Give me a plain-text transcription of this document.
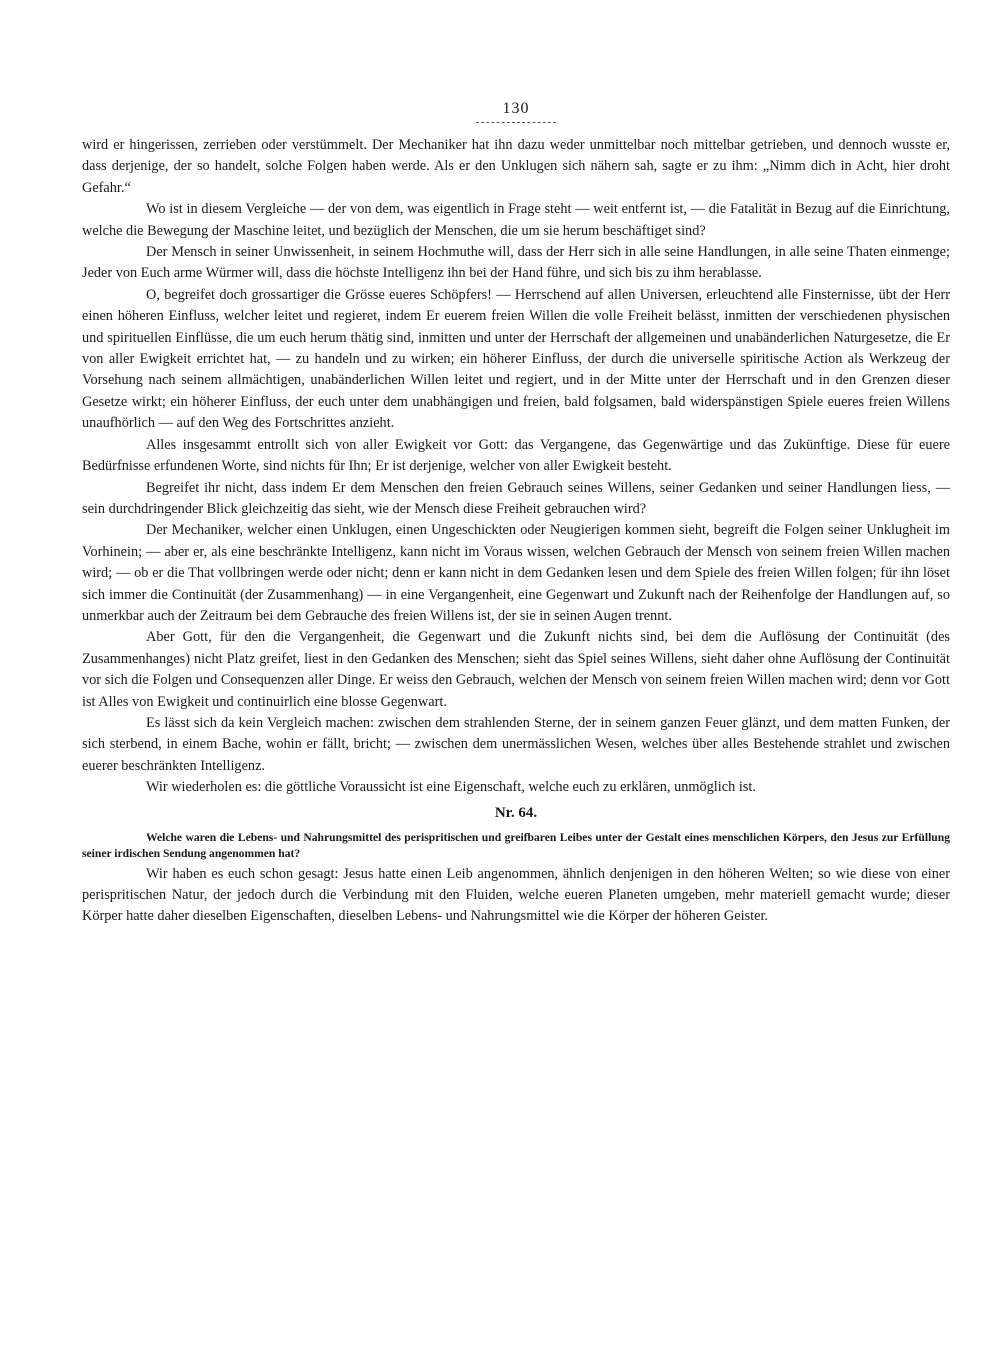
130

wird er hingerissen, zerrieben oder verstümmelt. Der Mechaniker hat ihn dazu weder unmittelbar noch mittelbar getrieben, und dennoch wusste er, dass derjenige, der so handelt, solche Folgen haben werde. Als er den Unklugen sich nähern sah, sagte er zu ihm: „Nimm dich in Acht, hier droht Gefahr.“

Wo ist in diesem Vergleiche — der von dem, was eigentlich in Frage steht — weit entfernt ist, — die Fatalität in Bezug auf die Einrichtung, welche die Bewegung der Maschine leitet, und bezüglich der Menschen, die um sie herum beschäftiget sind?

Der Mensch in seiner Unwissenheit, in seinem Hochmuthe will, dass der Herr sich in alle seine Handlungen, in alle seine Thaten einmenge; Jeder von Euch arme Würmer will, dass die höchste Intelligenz ihn bei der Hand führe, und sich bis zu ihm herablasse.

O, begreifet doch grossartiger die Grösse eueres Schöpfers! — Herrschend auf allen Universen, erleuchtend alle Finsternisse, übt der Herr einen höheren Einfluss, welcher leitet und regieret, indem Er euerem freien Willen die volle Freiheit belässt, inmitten der verschiedenen physischen und spirituellen Einflüsse, die um euch herum thätig sind, inmitten und unter der Herrschaft der allgemeinen und unabänderlichen Naturgesetze, die Er von aller Ewigkeit errichtet hat, — zu handeln und zu wirken; ein höherer Einfluss, der durch die universelle spiritische Action als Werkzeug der Vorsehung nach seinem allmächtigen, unabänderlichen Willen leitet und regiert, und in der Mitte unter der Herrschaft und in den Grenzen dieser Gesetze wirkt; ein höherer Einfluss, der euch unter dem unabhängigen und freien, bald folgsamen, bald widerspänstigen Spiele eueres freien Willens unaufhörlich — auf den Weg des Fortschrittes anzieht.

Alles insgesammt entrollt sich von aller Ewigkeit vor Gott: das Vergangene, das Gegenwärtige und das Zukünftige. Diese für euere Bedürfnisse erfundenen Worte, sind nichts für Ihn; Er ist derjenige, welcher von aller Ewigkeit besteht.

Begreifet ihr nicht, dass indem Er dem Menschen den freien Gebrauch seines Willens, seiner Gedanken und seiner Handlungen liess, — sein durchdringender Blick gleichzeitig das sieht, wie der Mensch diese Freiheit gebrauchen wird?

Der Mechaniker, welcher einen Unklugen, einen Ungeschickten oder Neugierigen kommen sieht, begreift die Folgen seiner Unklugheit im Vorhinein; — aber er, als eine beschränkte Intelligenz, kann nicht im Voraus wissen, welchen Gebrauch der Mensch von seinem freien Willen machen wird; — ob er die That vollbringen werde oder nicht; denn er kann nicht in dem Gedanken lesen und dem Spiele des freien Willen folgen; für ihn löset sich immer die Continuität (der Zusammenhang) — in eine Vergangenheit, eine Gegenwart und Zukunft nach der Reihenfolge der Handlungen auf, so unmerkbar auch der Zeitraum bei dem Gebrauche des freien Willens ist, der sie in seinen Augen trennt.

Aber Gott, für den die Vergangenheit, die Gegenwart und die Zukunft nichts sind, bei dem die Auflösung der Continuität (des Zusammenhanges) nicht Platz greifet, liest in den Gedanken des Menschen; sieht das Spiel seines Willens, sieht daher ohne Auflösung der Continuität vor sich die Folgen und Consequenzen aller Dinge. Er weiss den Gebrauch, welchen der Mensch von seinem freien Willen machen wird; denn vor Gott ist Alles von Ewigkeit und continuirlich eine blosse Gegenwart.

Es lässt sich da kein Vergleich machen: zwischen dem strahlenden Sterne, der in seinem ganzen Feuer glänzt, und dem matten Funken, der sich sterbend, in einem Bache, wohin er fällt, bricht; — zwischen dem unermässlichen Wesen, welches über alles Bestehende strahlet und zwischen euerer beschränkten Intelligenz.

Wir wiederholen es: die göttliche Voraussicht ist eine Eigenschaft, welche euch zu erklären, unmöglich ist.

Nr. 64.

Welche waren die Lebens- und Nahrungsmittel des perispritischen und greifbaren Leibes unter der Gestalt eines menschlichen Körpers, den Jesus zur Erfüllung seiner irdischen Sendung angenommen hat?

Wir haben es euch schon gesagt: Jesus hatte einen Leib angenommen, ähnlich denjenigen in den höheren Welten; so wie diese von einer perispritischen Natur, der jedoch durch die Verbindung mit den Fluiden, welche eueren Planeten umgeben, mehr materiell gemacht wurde; dieser Körper hatte daher dieselben Eigenschaften, dieselben Lebens- und Nahrungsmittel wie die Körper der höheren Geister.
